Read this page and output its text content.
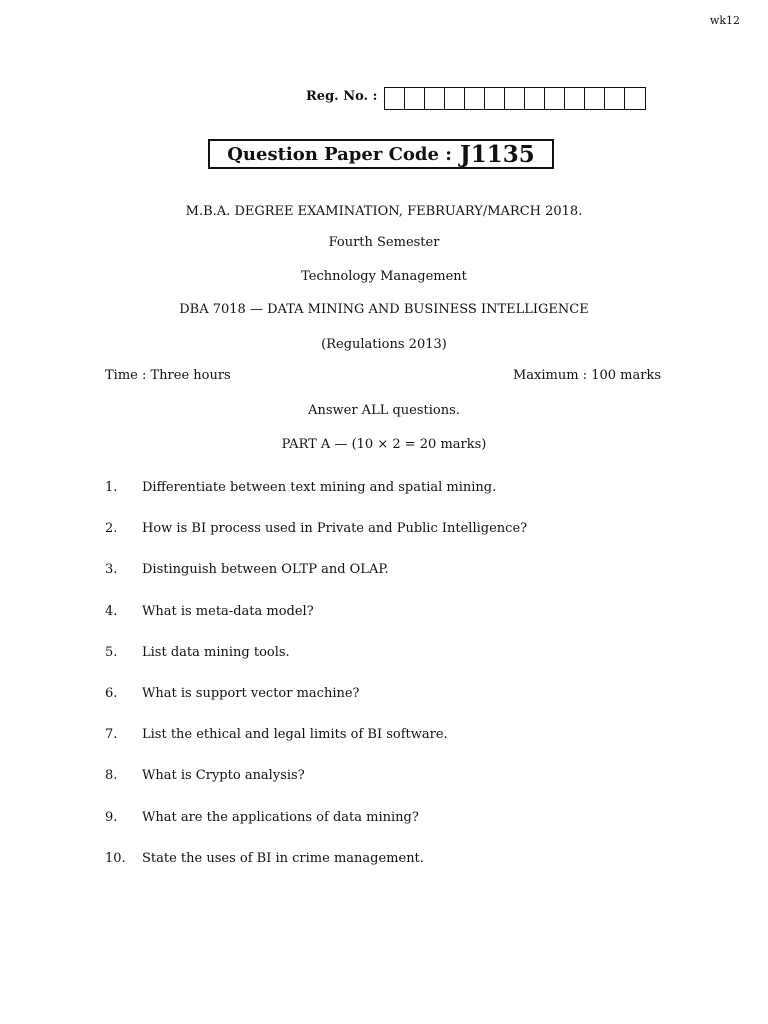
wk12
Reg. No. :
Question Paper Code : J1135
M.B.A. DEGREE EXAMINATION, FEBRUARY/MARCH 2018.
Fourth Semester
Technology Management
DBA 7018 — DATA MINING AND BUSINESS INTELLIGENCE
(Regulations 2013)
Time : Three hours	Maximum : 100 marks
Answer ALL questions.
PART A — (10 × 2 = 20 marks)
1. Differentiate between text mining and spatial mining.
2. How is BI process used in Private and Public Intelligence?
3. Distinguish between OLTP and OLAP.
4. What is meta-data model?
5. List data mining tools.
6. What is support vector machine?
7. List the ethical and legal limits of BI software.
8. What is Crypto analysis?
9. What are the applications of data mining?
10. State the uses of BI in crime management.
